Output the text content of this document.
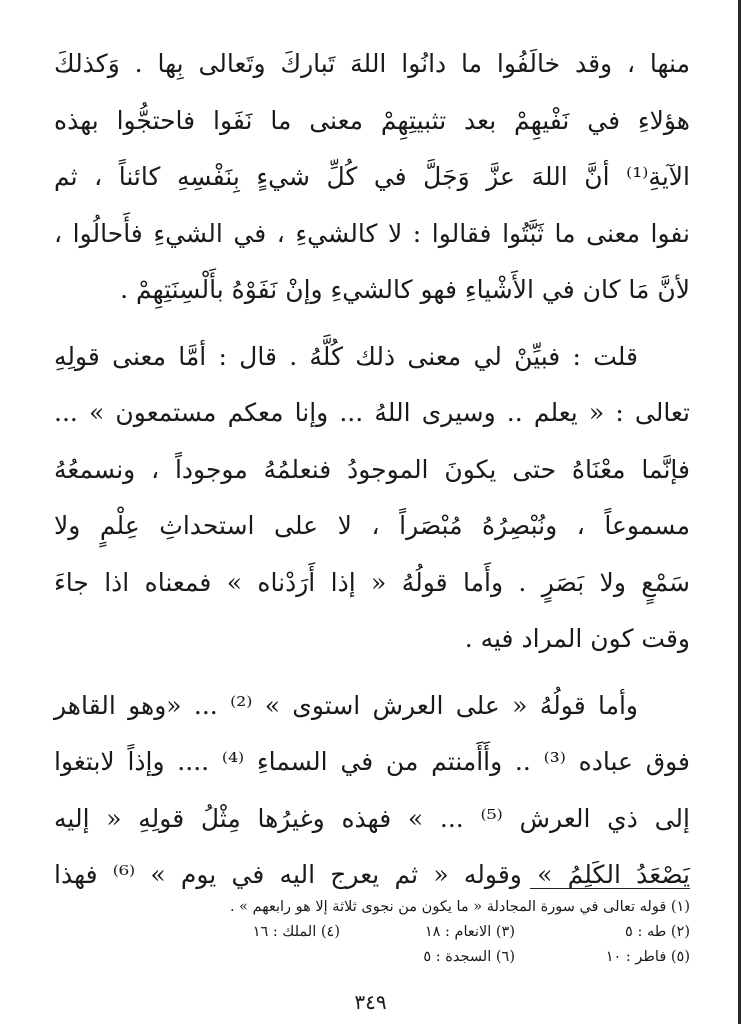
منها ، وقد خالَفُوا ما دانُوا اللهَ تَباركَ وتَعالى بِها . وَكذلكَ
هؤلاءِ في نَفْيهِمْ بعد تثبيتِهِمْ معنى ما نَفَوا فاحتجُّوا بهذه
الآيةِ⁽¹⁾ أنَّ اللهَ عزَّ وَجَلَّ في كُلِّ شيءٍ بِنَفْسِهِ كائناً ، ثم
نفوا معنى ما ثَبَّتُوا فقالوا : لا كالشيءِ ، في الشيءِ فأَحالُوا ،
لأنَّ مَا كان في الأَشْياءِ فهو كالشيءِ وإنْ نَفَوْهُ بأَلْسِنَتِهِمْ .

قلت : فبيِّنْ لي معنى ذلك كُلَّهُ . قال : أمَّا معنى قولِهِ
تعالى : « يعلم .. وسيرى اللهُ ... وإنا معكم مستمعون » ...
فإنَّما معْنَاهُ حتى يكونَ الموجودُ فنعلمُهُ موجوداً ، ونسمعُهُ
مسموعاً ، ونُبْصِرُهُ مُبْصَراً ، لا على استحداثِ عِلْمٍ ولا
سَمْعٍ ولا بَصَرٍ . وأَما قولُهُ « إذا أَرَدْناه » فمعناه اذا جاءَ
وقت كون المراد فيه .

وأما قولُهُ « على العرش استوى » ⁽²⁾ ... «وهو القاهر
فوق عباده ⁽³⁾ .. وأَأَمنتم من في السماءِ ⁽⁴⁾ .... وإذاً لابتغوا
إلى ذي العرش ⁽⁵⁾ ... » فهذه وغيرُها مِثْلُ قولِهِ « إليه
يَصْعَدُ الكَلِمُ » وقوله « ثم يعرج اليه في يوم » ⁽⁶⁾ فهذا

(١) قوله تعالى في سورة المجادلة « ما يكون من نجوى ثلاثة إلا هو رابعهم » .
(٢) طه : ٥
(٣) الانعام : ١٨
(٤) الملك : ١٦
(٥) فاطر : ١٠
(٦) السجدة : ٥
٣٤٩
